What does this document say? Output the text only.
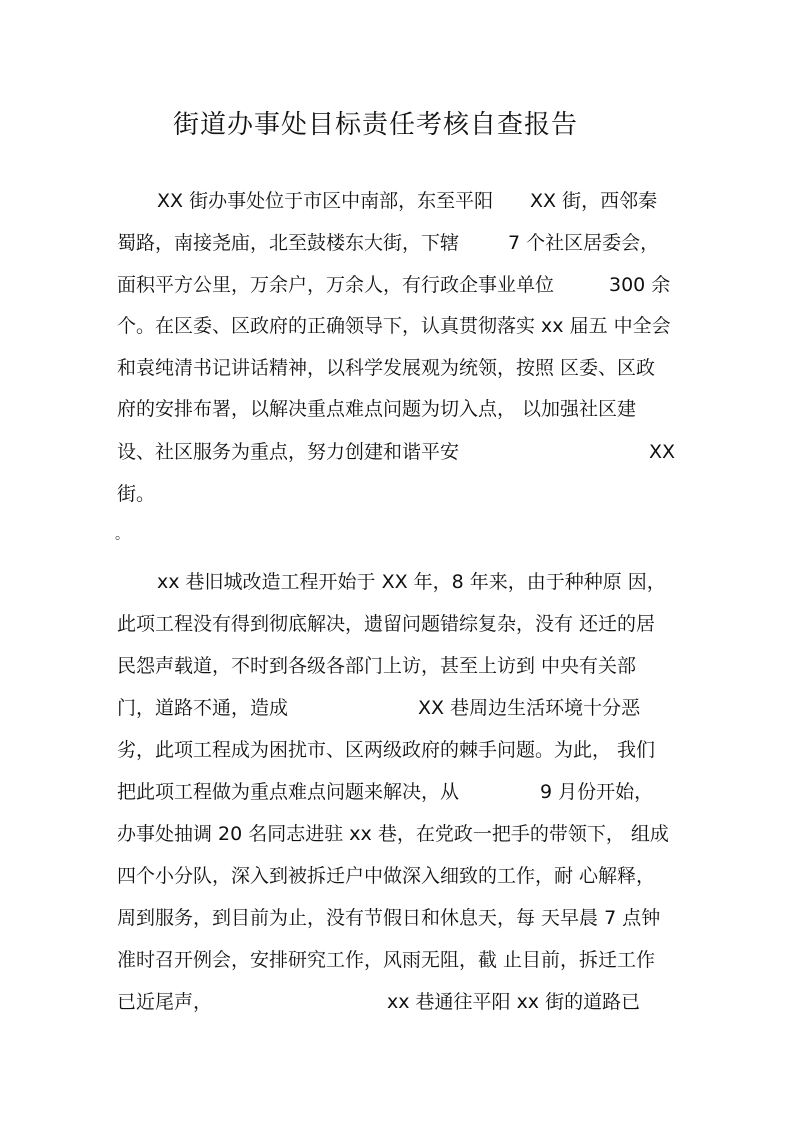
街道办事处目标责任考核自查报告
XX 街办事处位于市区中南部，东至平阳 XX 街，西邻秦
蜀路，南接尧庙，北至鼓楼东大街，下辖	7 个社区居委会，
面积平方公里，万余户，万余人，有行政企事业单位	300 余
个。在区委、区政府的正确领导下，认真贯彻落实 xx 届五 中全会
和袁纯清书记讲话精神，以科学发展观为统领，按照 区委、区政
府的安排布署，以解决重点难点问题为切入点， 以加强社区建
设、社区服务为重点，努力创建和谐平安	XX
街。
。
xx 巷旧城改造工程开始于 XX 年，8 年来，由于种种原 因，
此项工程没有得到彻底解决，遗留问题错综复杂，没有 还迁的居
民怨声载道，不时到各级各部门上访，甚至上访到 中央有关部
门，道路不通，造成	XX 巷周边生活环境十分恶
劣，此项工程成为困扰市、区两级政府的棘手问题。为此， 我们
把此项工程做为重点难点问题来解决，从	9 月份开始，
办事处抽调 20 名同志进驻 xx 巷，在党政一把手的带领下， 组成
四个小分队，深入到被拆迁户中做深入细致的工作，耐 心解释，
周到服务，到目前为止，没有节假日和休息天，每 天早晨 7 点钟
准时召开例会，安排研究工作，风雨无阻，截 止目前，拆迁工作
已近尾声，	xx 巷通往平阳 xx 街的道路已
